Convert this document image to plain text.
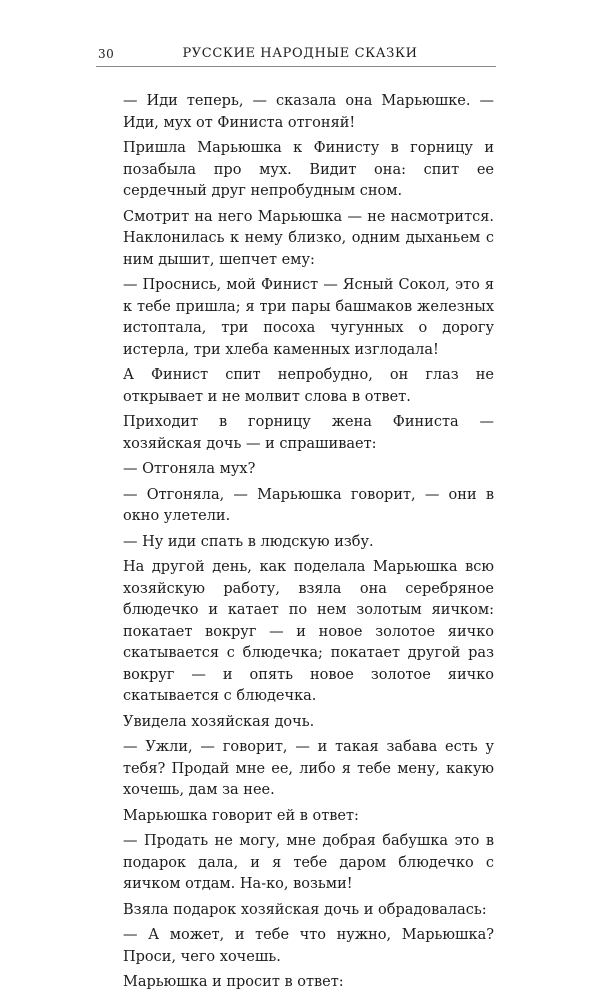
30	РУССКИЕ НАРОДНЫЕ СКАЗКИ

— Иди теперь, — сказала она Марьюшке. — Иди, мух от Финиста отгоняй!

Пришла Марьюшка к Финисту в горницу и позабыла про мух. Видит она: спит ее сердечный друг непробудным сном.

Смотрит на него Марьюшка — не насмотрится. Наклонилась к нему близко, одним дыханьем с ним дышит, шепчет ему:

— Проснись, мой Финист — Ясный Сокол, это я к тебе пришла; я три пары башмаков железных истоптала, три посоха чугунных о дорогу истерла, три хлеба каменных изглодала!

А Финист спит непробудно, он глаз не открывает и не молвит слова в ответ.

Приходит в горницу жена Финиста — хозяйская дочь — и спрашивает:

— Отгоняла мух?

— Отгоняла, — Марьюшка говорит, — они в окно улетели.

— Ну иди спать в людскую избу.

На другой день, как поделала Марьюшка всю хозяйскую работу, взяла она серебряное блюдечко и катает по нем золотым яичком: покатает вокруг — и новое золотое яичко скатывается с блюдечка; покатает другой раз вокруг — и опять новое золотое яичко скатывается с блюдечка.

Увидела хозяйская дочь.

— Ужли, — говорит, — и такая забава есть у тебя? Продай мне ее, либо я тебе мену, какую хочешь, дам за нее.

Марьюшка говорит ей в ответ:

— Продать не могу, мне добрая бабушка это в подарок дала, и я тебе даром блюдечко с яичком отдам. На-ко, возьми!

Взяла подарок хозяйская дочь и обрадовалась:

— А может, и тебе что нужно, Марьюшка? Проси, чего хочешь.

Марьюшка и просит в ответ:
